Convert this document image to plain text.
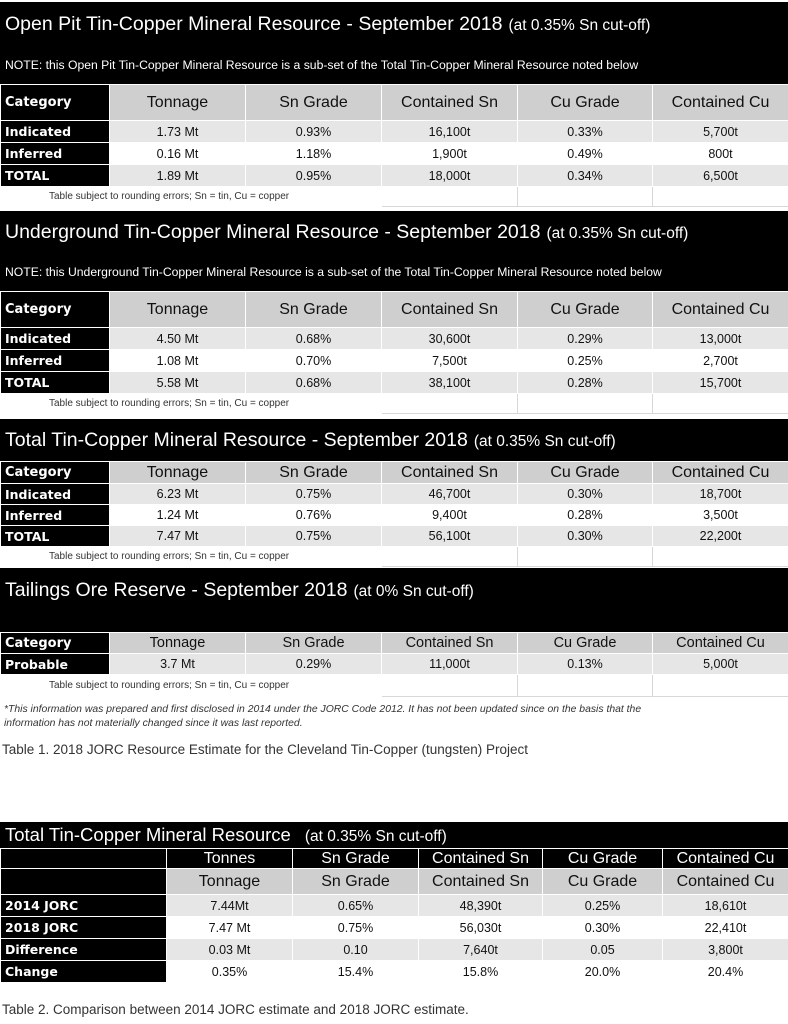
Open Pit Tin-Copper Mineral Resource - September 2018 (at 0.35% Sn cut-off)
NOTE: this Open Pit Tin-Copper Mineral Resource is a sub-set of the Total Tin-Copper Mineral Resource noted below
Category	Tonnage	Sn Grade	Contained Sn	Cu Grade	Contained Cu
Indicated	1.73 Mt	0.93%	16,100t	0.33%	5,700t
Inferred	0.16 Mt	1.18%	1,900t	0.49%	800t
TOTAL	1.89 Mt	0.95%	18,000t	0.34%	6,500t
Table subject to rounding errors; Sn = tin, Cu = copper					
Underground Tin-Copper Mineral Resource - September 2018 (at 0.35% Sn cut-off)
NOTE: this Underground Tin-Copper Mineral Resource is a sub-set of the Total Tin-Copper Mineral Resource noted below
Category	Tonnage	Sn Grade	Contained Sn	Cu Grade	Contained Cu
Indicated	4.50 Mt	0.68%	30,600t	0.29%	13,000t
Inferred	1.08 Mt	0.70%	7,500t	0.25%	2,700t
TOTAL	5.58 Mt	0.68%	38,100t	0.28%	15,700t
Table subject to rounding errors; Sn = tin, Cu = copper					
Total Tin-Copper Mineral Resource - September 2018 (at 0.35% Sn cut-off)
Category	Tonnage	Sn Grade	Contained Sn	Cu Grade	Contained Cu
Indicated	6.23 Mt	0.75%	46,700t	0.30%	18,700t
Inferred	1.24 Mt	0.76%	9,400t	0.28%	3,500t
TOTAL	7.47 Mt	0.75%	56,100t	0.30%	22,200t
Table subject to rounding errors; Sn = tin, Cu = copper					
Tailings Ore Reserve - September 2018 (at 0% Sn cut-off)
Category	Tonnage	Sn Grade	Contained Sn	Cu Grade	Contained Cu
Probable	3.7 Mt	0.29%	11,000t	0.13%	5,000t
Table subject to rounding errors; Sn = tin, Cu = copper					
*This information was prepared and first disclosed in 2014 under the JORC Code 2012. It has not been updated since on the basis that the
information has not materially changed since it was last reported.
Table 1. 2018 JORC Resource Estimate for the Cleveland Tin-Copper (tungsten) Project
Total Tin-Copper Mineral Resource (at 0.35% Sn cut-off)
	Tonnes	Sn Grade	Contained Sn	Cu Grade	Contained Cu
	Tonnage	Sn Grade	Contained Sn	Cu Grade	Contained Cu
2014 JORC	7.44Mt	0.65%	48,390t	0.25%	18,610t
2018 JORC	7.47 Mt	0.75%	56,030t	0.30%	22,410t
Difference	0.03 Mt	0.10	7,640t	0.05	3,800t
Change	0.35%	15.4%	15.8%	20.0%	20.4%
Table 2. Comparison between 2014 JORC estimate and 2018 JORC estimate.
